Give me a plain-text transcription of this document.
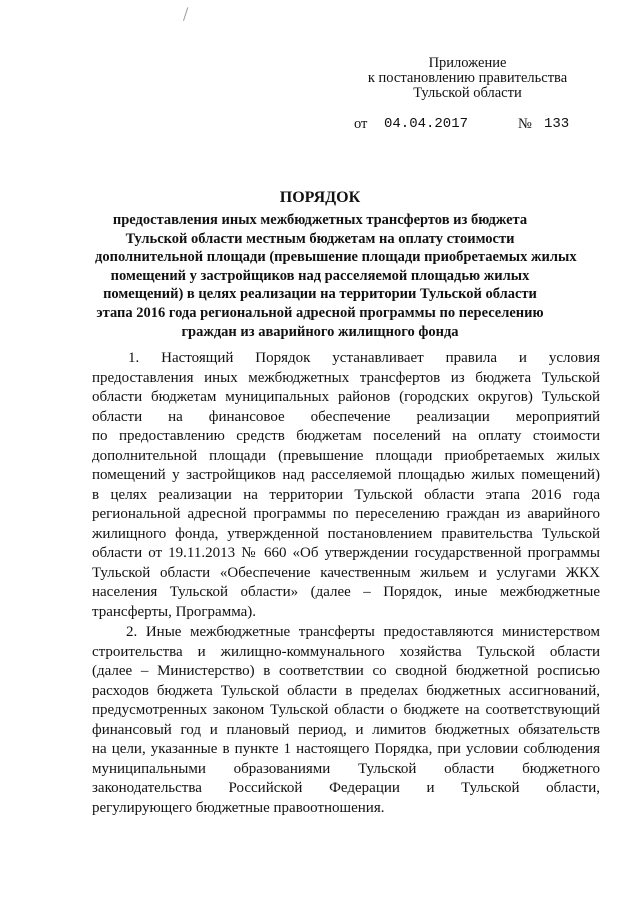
Приложение
к постановлению правительства
Тульской области
от 04.04.2017	№ 133
ПОРЯДОК
предоставления иных межбюджетных трансфертов из бюджета
Тульской области местным бюджетам на оплату стоимости
дополнительной площади (превышение площади приобретаемых жилых
помещений у застройщиков над расселяемой площадью жилых
помещений) в целях реализации на территории Тульской области
этапа 2016 года региональной адресной программы по переселению
граждан из аварийного жилищного фонда
1. Настоящий Порядок устанавливает правила и условия
предоставления иных межбюджетных трансфертов из бюджета Тульской
области бюджетам муниципальных районов (городских округов) Тульской
области на финансовое обеспечение реализации мероприятий
по предоставлению средств бюджетам поселений на оплату стоимости
дополнительной площади (превышение площади приобретаемых жилых
помещений у застройщиков над расселяемой площадью жилых помещений)
в целях реализации на территории Тульской области этапа 2016 года
региональной адресной программы по переселению граждан из аварийного
жилищного фонда, утвержденной постановлением правительства Тульской
области от 19.11.2013 № 660 «Об утверждении государственной программы
Тульской области «Обеспечение качественным жильем и услугами ЖКХ
населения Тульской области» (далее – Порядок, иные межбюджетные
трансферты, Программа).
2. Иные межбюджетные трансферты предоставляются министерством
строительства и жилищно-коммунального хозяйства Тульской области
(далее – Министерство) в соответствии со сводной бюджетной росписью
расходов бюджета Тульской области в пределах бюджетных ассигнований,
предусмотренных законом Тульской области о бюджете на соответствующий
финансовый год и плановый период, и лимитов бюджетных обязательств
на цели, указанные в пункте 1 настоящего Порядка, при условии соблюдения
муниципальными образованиями Тульской области бюджетного
законодательства Российской Федерации и Тульской области,
регулирующего бюджетные правоотношения.
